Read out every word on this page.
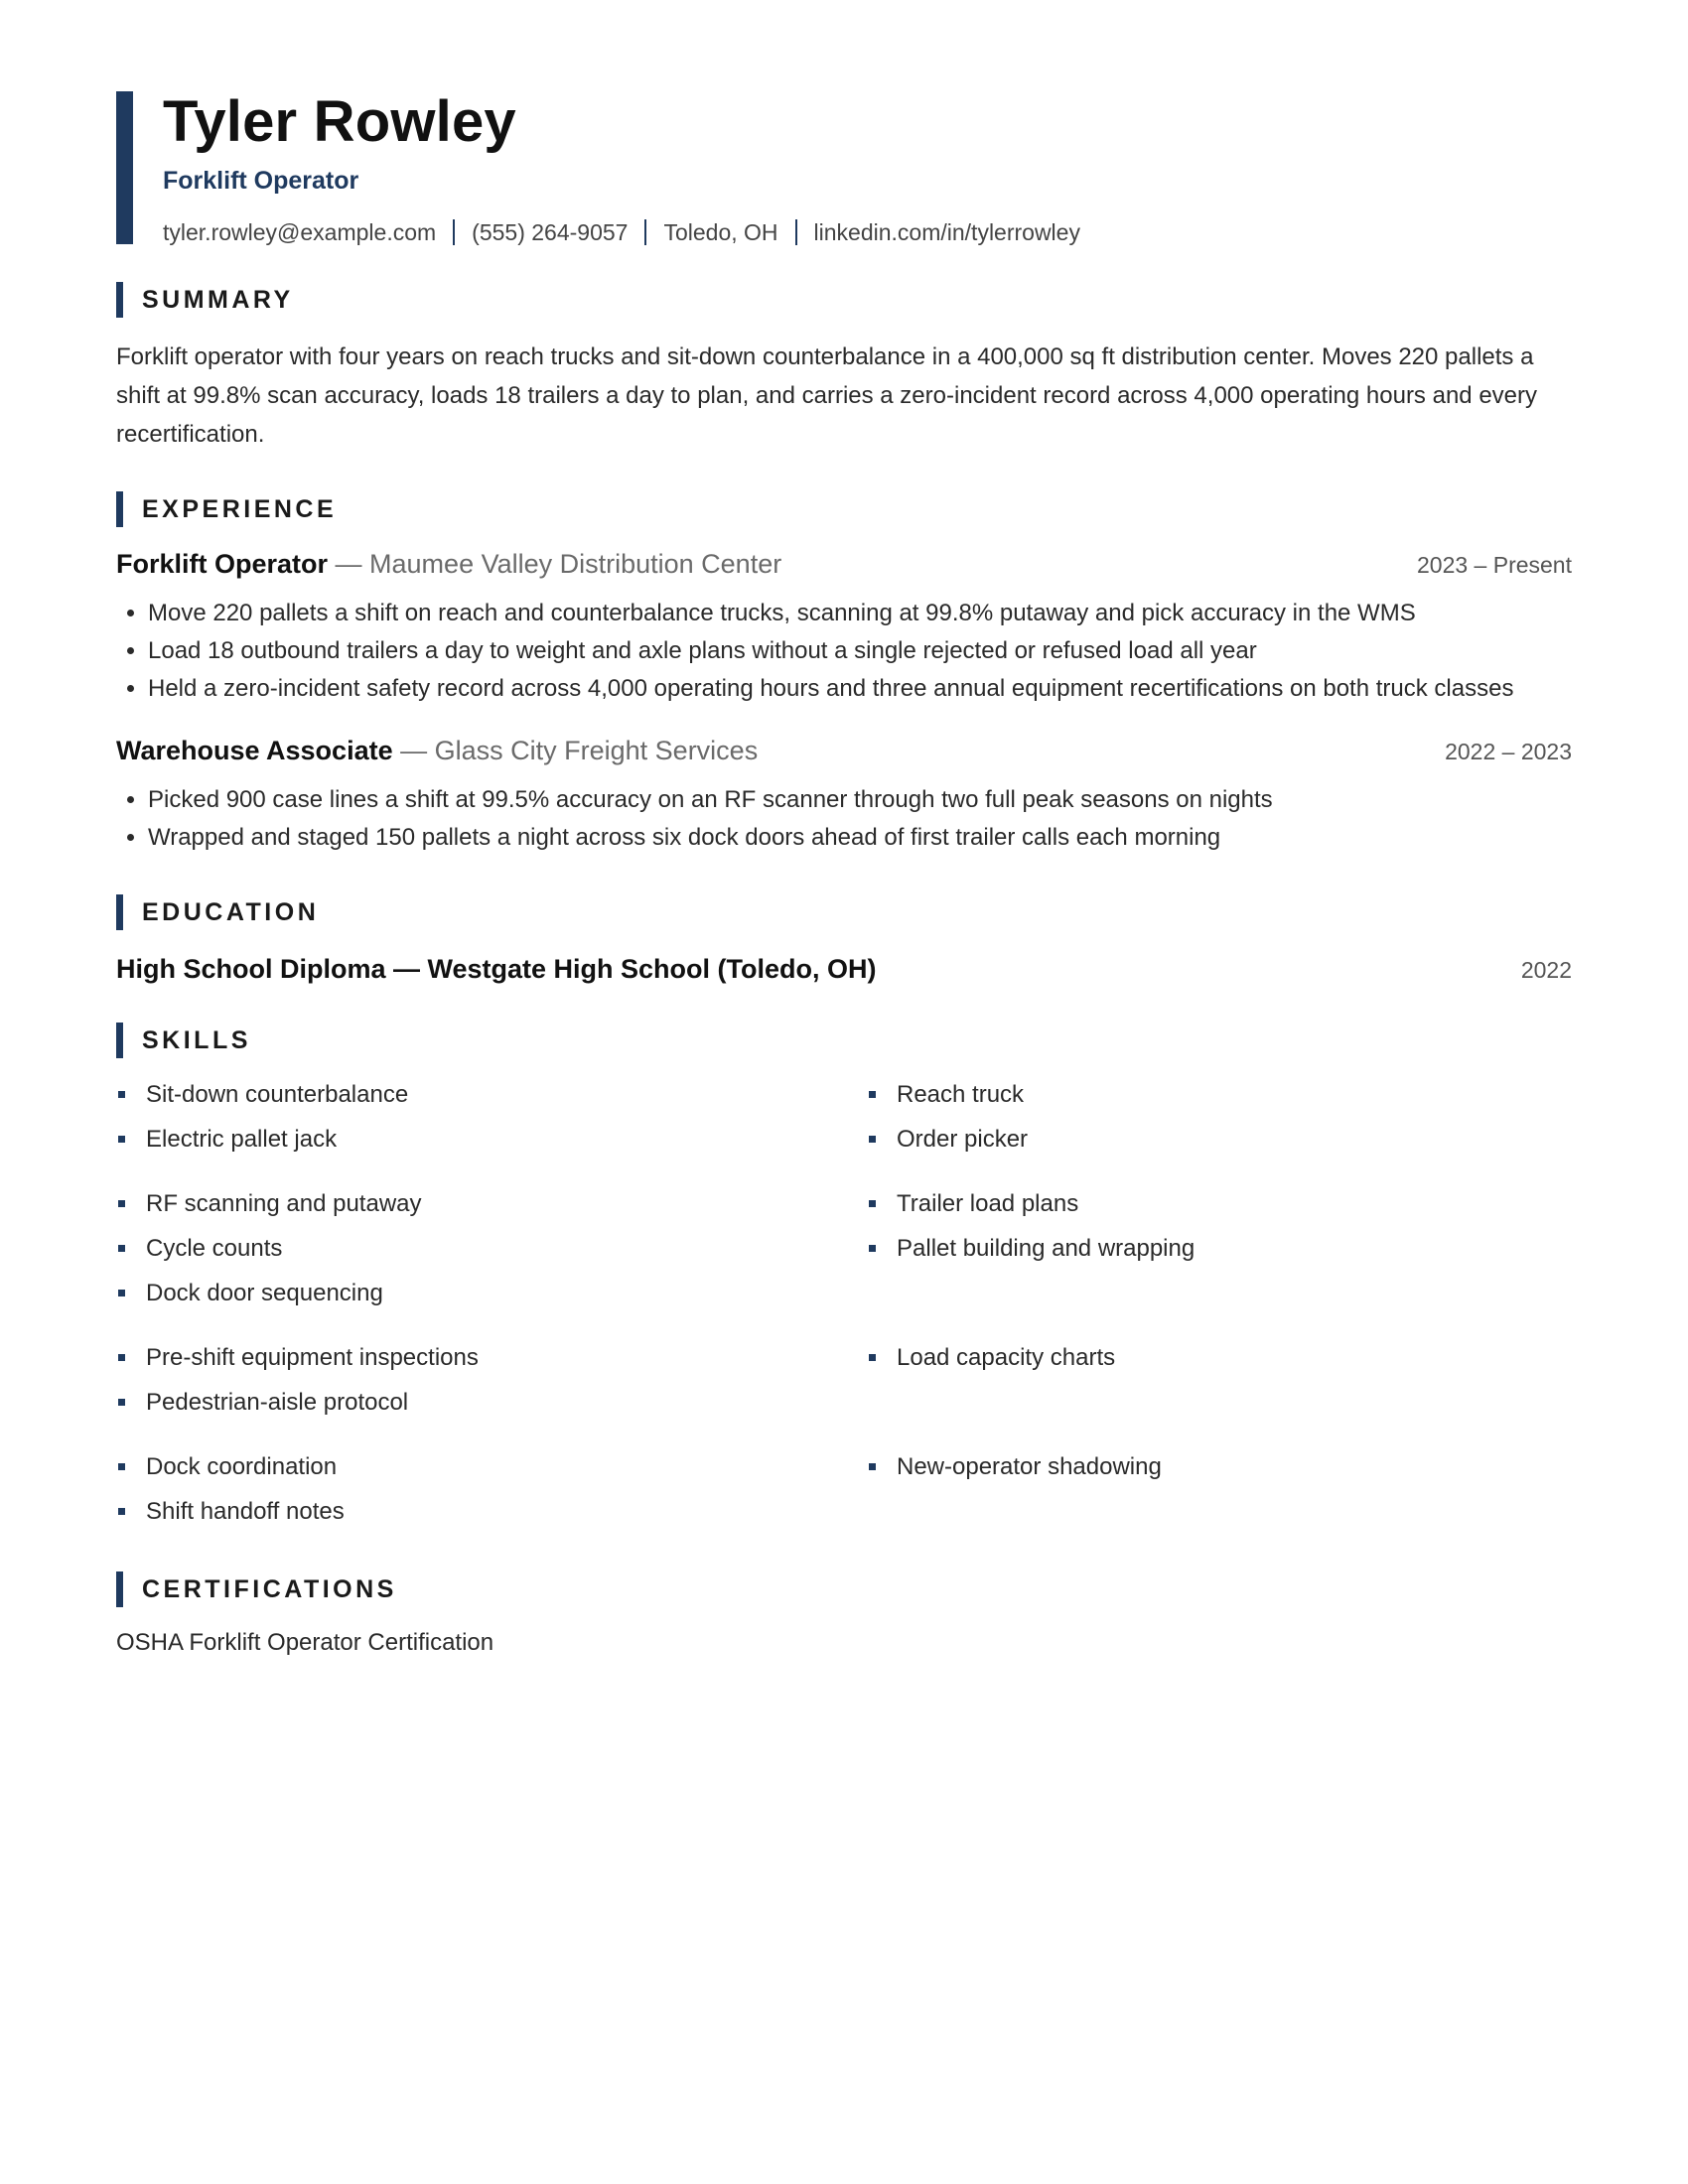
Tyler Rowley
Forklift Operator
tyler.rowley@example.com (555) 264-9057 Toledo, OH linkedin.com/in/tylerrowley
SUMMARY
Forklift operator with four years on reach trucks and sit-down counterbalance in a 400,000 sq ft distribution center. Moves 220 pallets a shift at 99.8% scan accuracy, loads 18 trailers a day to plan, and carries a zero-incident record across 4,000 operating hours and every recertification.
EXPERIENCE
Forklift Operator — Maumee Valley Distribution Center	2023 – Present
• Move 220 pallets a shift on reach and counterbalance trucks, scanning at 99.8% putaway and pick accuracy in the WMS
• Load 18 outbound trailers a day to weight and axle plans without a single rejected or refused load all year
• Held a zero-incident safety record across 4,000 operating hours and three annual equipment recertifications on both truck classes
Warehouse Associate — Glass City Freight Services	2022 – 2023
• Picked 900 case lines a shift at 99.5% accuracy on an RF scanner through two full peak seasons on nights
• Wrapped and staged 150 pallets a night across six dock doors ahead of first trailer calls each morning
EDUCATION
High School Diploma — Westgate High School (Toledo, OH)	2022
SKILLS
Sit-down counterbalance
Electric pallet jack
Reach truck
Order picker
RF scanning and putaway
Cycle counts
Dock door sequencing
Trailer load plans
Pallet building and wrapping
Pre-shift equipment inspections
Pedestrian-aisle protocol
Load capacity charts
Dock coordination
Shift handoff notes
New-operator shadowing
CERTIFICATIONS
OSHA Forklift Operator Certification
